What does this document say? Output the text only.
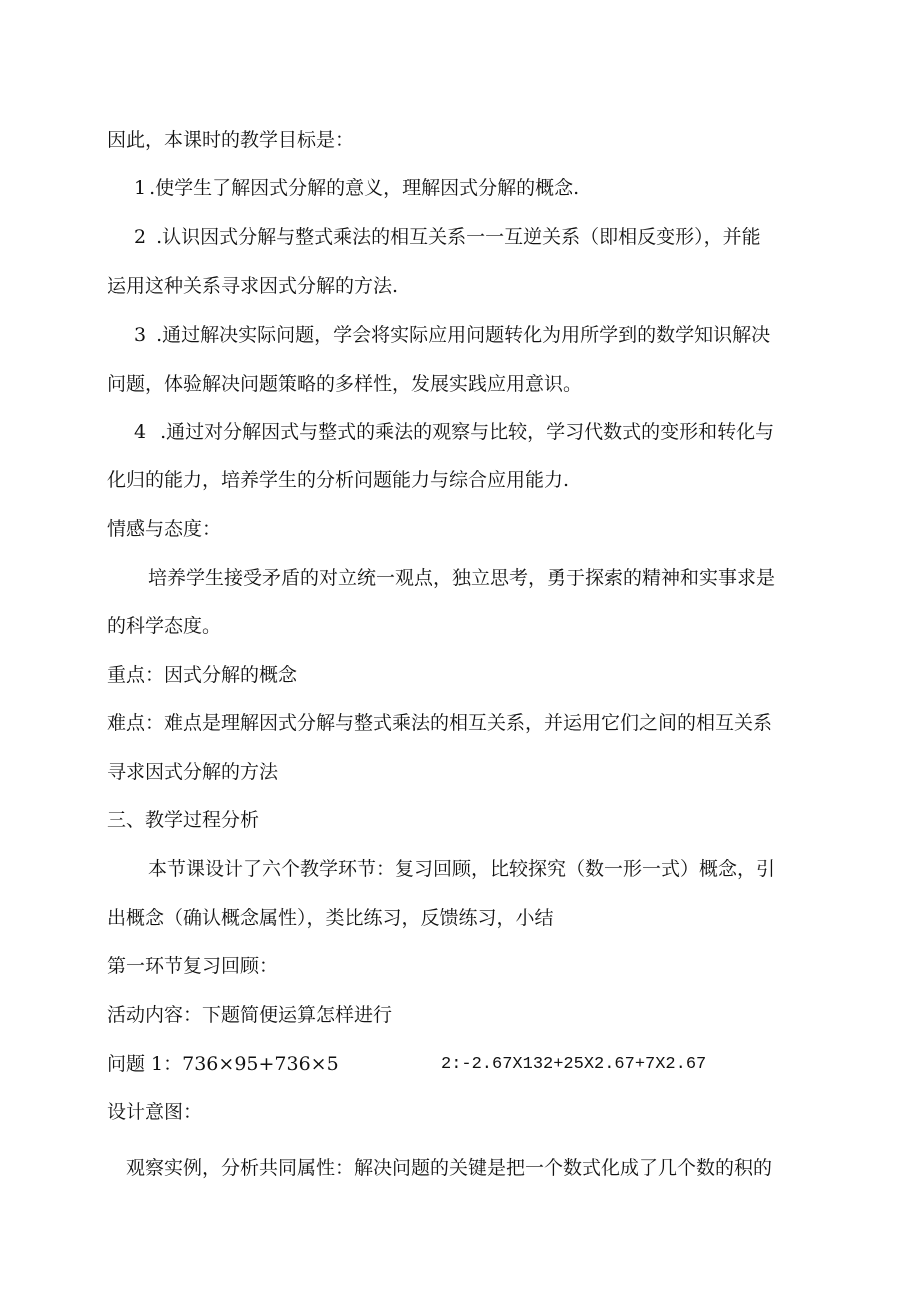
因此，本课时的教学目标是：
1 .使学生了解因式分解的意义，理解因式分解的概念.
2 .认识因式分解与整式乘法的相互关系一一互逆关系（即相反变形），并能
运用这种关系寻求因式分解的方法.
3 .通过解决实际问题，学会将实际应用问题转化为用所学到的数学知识解决
问题，体验解决问题策略的多样性，发展实践应用意识。
4 .通过对分解因式与整式的乘法的观察与比较，学习代数式的变形和转化与
化归的能力，培养学生的分析问题能力与综合应用能力.
情感与态度：
培养学生接受矛盾的对立统一观点，独立思考，勇于探索的精神和实事求是
的科学态度。
重点：因式分解的概念
难点：难点是理解因式分解与整式乘法的相互关系，并运用它们之间的相互关系
寻求因式分解的方法
三、教学过程分析
本节课设计了六个教学环节：复习回顾，比较探究（数一形一式）概念，引
出概念（确认概念属性），类比练习，反馈练习，小结
第一环节复习回顾：
活动内容：下题简便运算怎样进行
问题 1：736×95+736×5	2:-2.67X132+25X2.67+7X2.67
设计意图：
观察实例，分析共同属性：解决问题的关键是把一个数式化成了几个数的积的
